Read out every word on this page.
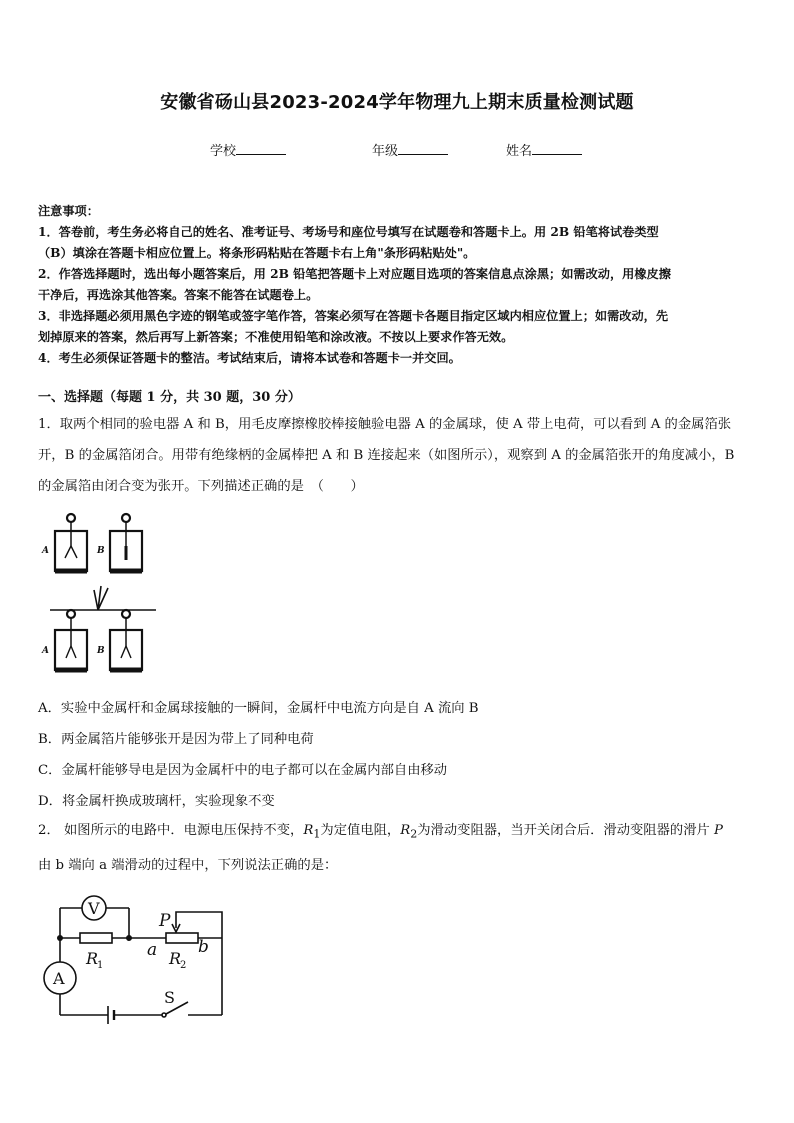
安徽省砀山县2023-2024学年物理九上期末质量检测试题
学校	年级	姓名
注意事项：
1．答卷前，考生务必将自己的姓名、准考证号、考场号和座位号填写在试题卷和答题卡上。用 2B 铅笔将试卷类型
（B）填涂在答题卡相应位置上。将条形码粘贴在答题卡右上角"条形码粘贴处"。
2．作答选择题时，选出每小题答案后，用 2B 铅笔把答题卡上对应题目选项的答案信息点涂黑；如需改动，用橡皮擦
干净后，再选涂其他答案。答案不能答在试题卷上。
3．非选择题必须用黑色字迹的钢笔或签字笔作答，答案必须写在答题卡各题目指定区域内相应位置上；如需改动，先
划掉原来的答案，然后再写上新答案；不准使用铅笔和涂改液。不按以上要求作答无效。
4．考生必须保证答题卡的整洁。考试结束后，请将本试卷和答题卡一并交回。
一、选择题（每题 1 分，共 30 题，30 分）
1．取两个相同的验电器 A 和 B，用毛皮摩擦橡胶棒接触验电器 A 的金属球，使 A 带上电荷，可以看到 A 的金属箔张
开，B 的金属箔闭合。用带有绝缘柄的金属棒把 A 和 B 连接起来（如图所示），观察到 A 的金属箔张开的角度减小，B
的金属箔由闭合变为张开。下列描述正确的是　（　　）
A	B
A	B
A．实验中金属杆和金属球接触的一瞬间，金属杆中电流方向是自 A 流向 B
B．两金属箔片能够张开是因为带上了同种电荷
C．金属杆能够导电是因为金属杆中的电子都可以在金属内部自由移动
D．将金属杆换成玻璃杆，实验现象不变
2． 如图所示的电路中．电源电压保持不变，$R_1$为定值电阻，$R_2$为滑动变阻器，当开关闭合后．滑动变阻器的滑片 P
由 b 端向 a 端滑动的过程中，下列说法正确的是：
V
A
P
a b
R
1	R
2
S
